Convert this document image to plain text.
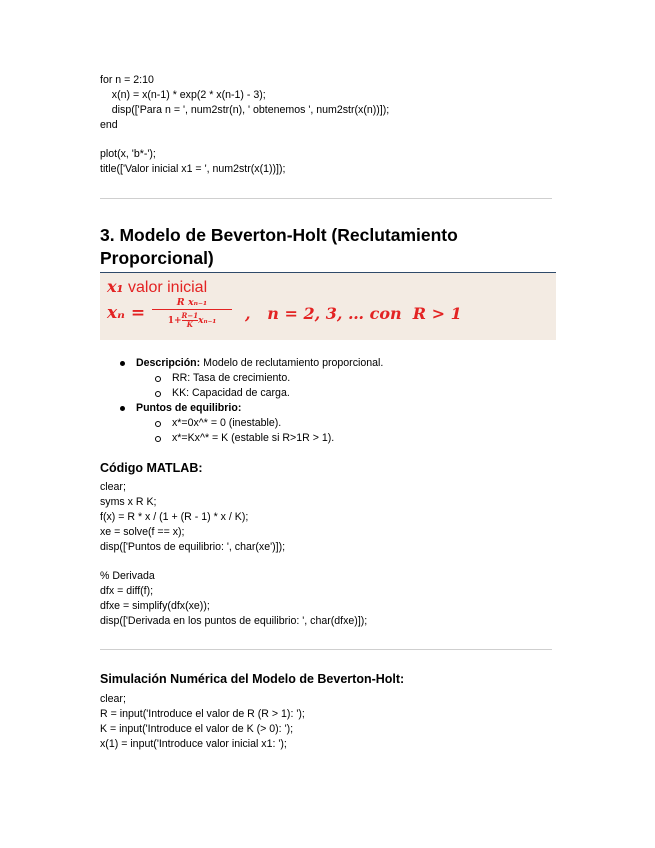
for n = 2:10
x(n) = x(n-1) * exp(2 * x(n-1) - 3);
disp(['Para n = ', num2str(n), ' obtenemos ', num2str(x(n))]);
end
plot(x, 'b*-');
title(['Valor inicial x1 = ', num2str(x(1))]);
3. Modelo de Beverton-Holt (Reclutamiento
Proporcional)
x₁ valor inicial
xₙ =
R xₙ₋₁
$1+ \frac{R-1}{K} x_{n-1}$	,   n = 2, 3, … con  R > 1
Descripción: Modelo de reclutamiento proporcional.
RR: Tasa de crecimiento.
KK: Capacidad de carga.
Puntos de equilibrio:
x*=0x^* = 0 (inestable).
x*=Kx^* = K (estable si R>1R > 1).
Código MATLAB:
clear;
syms x R K;
f(x) = R * x / (1 + (R - 1) * x / K);
xe = solve(f == x);
disp(['Puntos de equilibrio: ', char(xe')]);
% Derivada
dfx = diff(f);
dfxe = simplify(dfx(xe));
disp(['Derivada en los puntos de equilibrio: ', char(dfxe)]);
Simulación Numérica del Modelo de Beverton-Holt:
clear;
R = input('Introduce el valor de R (R > 1): ');
K = input('Introduce el valor de K (> 0): ');
x(1) = input('Introduce valor inicial x1: ');
